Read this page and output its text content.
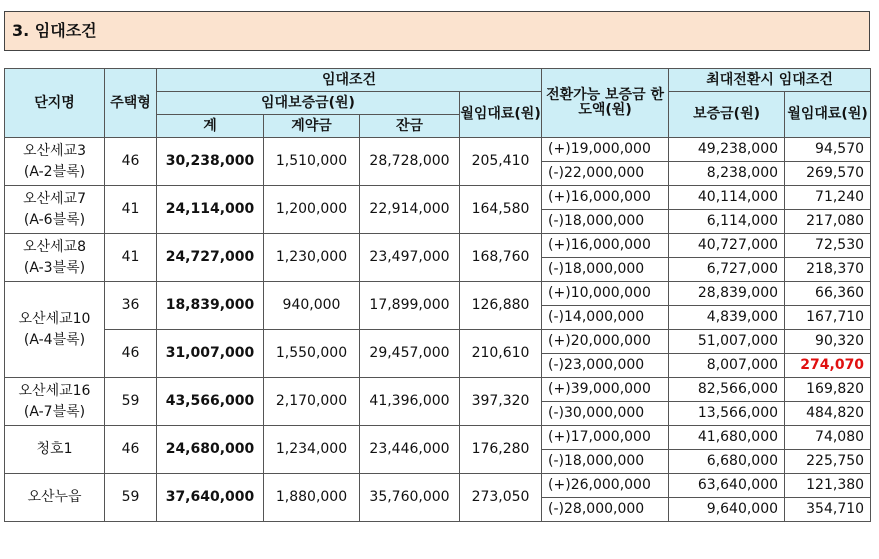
3. 임대조건
단지명	주택형	임대조건				전환가능 보증금 한도액(원)	최대전환시 임대조건	
		임대보증금(원)			월임대료(원)		보증금(원)	월임대료(원)
		계	계약금	잔금				
오산세교3
(A-2블록)	46	30,238,000	1,510,000	28,728,000	205,410	(+)19,000,000	49,238,000	94,570
						(-)22,000,000	8,238,000	269,570
오산세교7
(A-6블록)	41	24,114,000	1,200,000	22,914,000	164,580	(+)16,000,000	40,114,000	71,240
						(-)18,000,000	6,114,000	217,080
오산세교8
(A-3블록)	41	24,727,000	1,230,000	23,497,000	168,760	(+)16,000,000	40,727,000	72,530
						(-)18,000,000	6,727,000	218,370
오산세교10
(A-4블록)	36	18,839,000	940,000	17,899,000	126,880	(+)10,000,000	28,839,000	66,360
						(-)14,000,000	4,839,000	167,710
	46	31,007,000	1,550,000	29,457,000	210,610	(+)20,000,000	51,007,000	90,320
						(-)23,000,000	8,007,000	274,070
오산세교16
(A-7블록)	59	43,566,000	2,170,000	41,396,000	397,320	(+)39,000,000	82,566,000	169,820
						(-)30,000,000	13,566,000	484,820
청호1	46	24,680,000	1,234,000	23,446,000	176,280	(+)17,000,000	41,680,000	74,080
						(-)18,000,000	6,680,000	225,750
오산누읍	59	37,640,000	1,880,000	35,760,000	273,050	(+)26,000,000	63,640,000	121,380
						(-)28,000,000	9,640,000	354,710
